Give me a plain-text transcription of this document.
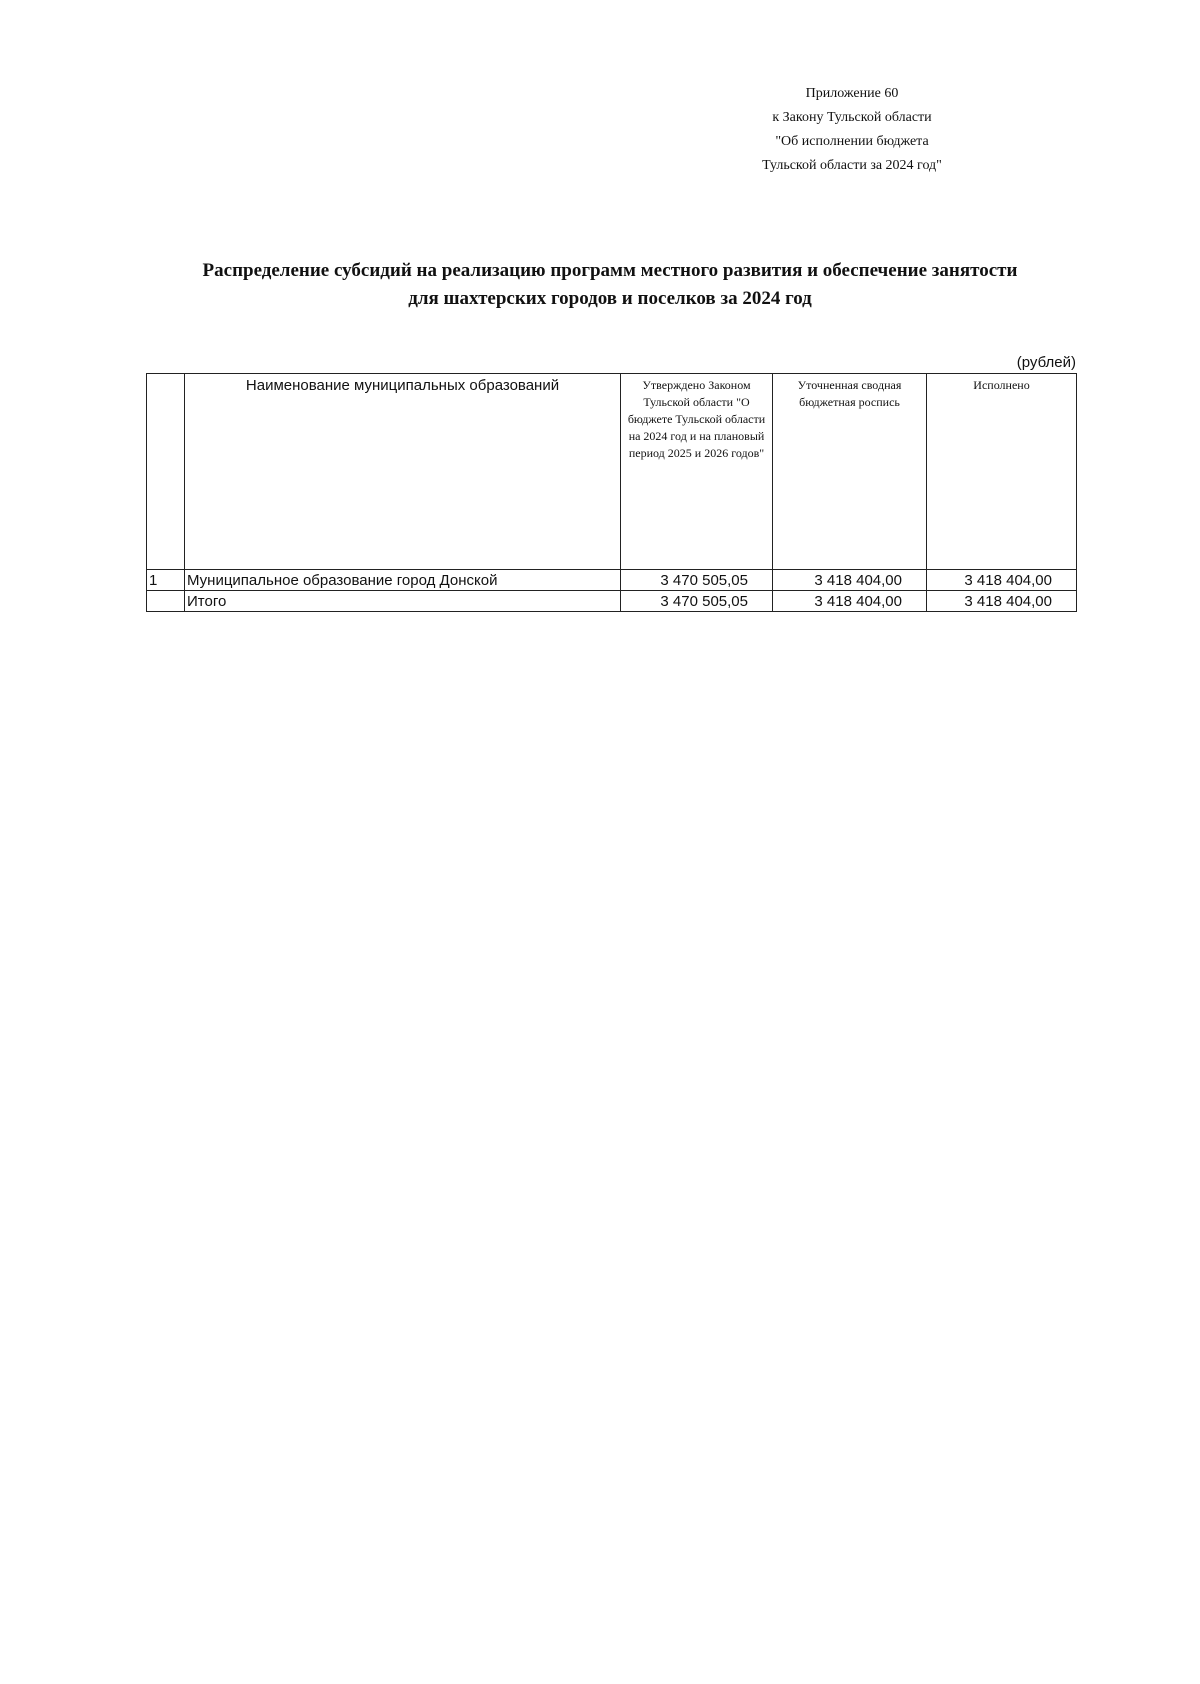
Приложение 60
к Закону Тульской области
"Об исполнении бюджета
Тульской области за 2024 год"
Распределение субсидий на реализацию программ местного развития и обеспечение занятости
для шахтерских городов и поселков за 2024 год
(рублей)
	Наименование муниципальных образований	Утверждено Законом Тульской области "О бюджете Тульской области на 2024 год и на плановый период 2025 и 2026 годов"	Уточненная сводная бюджетная роспись	Исполнено
1	Муниципальное образование город Донской	3 470 505,05	3 418 404,00	3 418 404,00
	Итого	3 470 505,05	3 418 404,00	3 418 404,00
